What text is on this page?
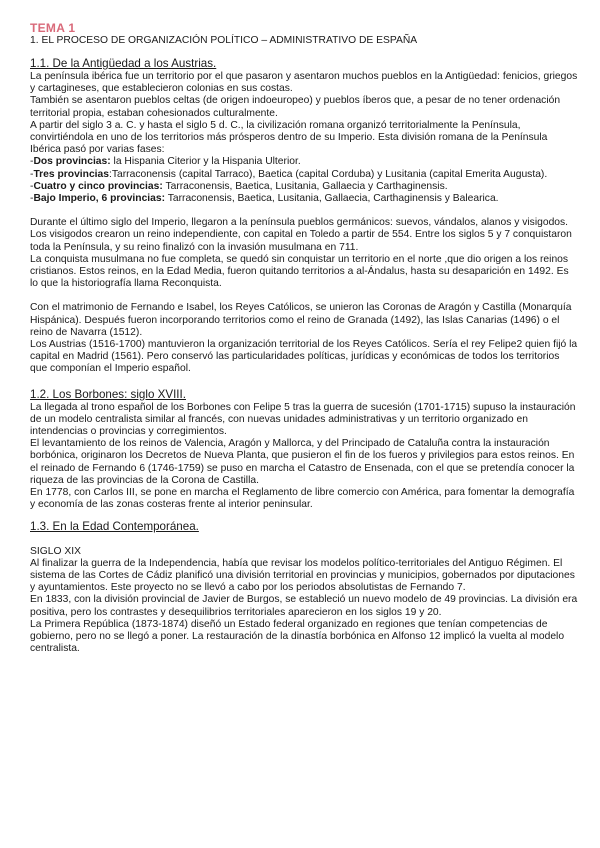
TEMA 1

1. EL PROCESO DE ORGANIZACIÓN POLÍTICO – ADMINISTRATIVO DE ESPAÑA

1.1. De la Antigüedad a los Austrias.

La península ibérica fue un territorio por el que pasaron y asentaron muchos pueblos en la Antigüedad: fenicios, griegos y cartagineses, que establecieron colonias en sus costas.

También se asentaron pueblos celtas (de origen indoeuropeo) y pueblos íberos que, a pesar de no tener ordenación territorial propia, estaban cohesionados culturalmente.

A partir del siglo 3 a. C. y hasta el siglo 5 d. C., la civilización romana organizó territorialmente la Península, convirtiéndola en uno de los territorios más prósperos dentro de su Imperio. Esta división romana de la Península Ibérica pasó por varias fases:

-Dos provincias: la Hispania Citerior y la Hispania Ulterior.

-Tres provincias:Tarraconensis (capital Tarraco), Baetica (capital Corduba) y Lusitania (capital Emerita Augusta).

-Cuatro y cinco provincias: Tarraconensis, Baetica, Lusitania, Gallaecia y Carthaginensis.

-Bajo Imperio, 6 provincias: Tarraconensis, Baetica, Lusitania, Gallaecia, Carthaginensis y Balearica.

Durante el último siglo del Imperio, llegaron a la península pueblos germánicos: suevos, vándalos, alanos y visigodos.

Los visigodos crearon un reino independiente, con capital en Toledo a partir de 554. Entre los siglos 5 y 7 conquistaron toda la Península, y su reino finalizó con la invasión musulmana en 711.

La conquista musulmana no fue completa, se quedó sin conquistar un territorio en el norte ,que dio origen a los reinos cristianos. Estos reinos, en la Edad Media, fueron quitando territorios a al-Ándalus, hasta su desaparición en 1492. Es lo que la historiografía llama Reconquista.

Con el matrimonio de Fernando e Isabel, los Reyes Católicos, se unieron las Coronas de Aragón y Castilla (Monarquía Hispánica). Después fueron incorporando territorios como el reino de Granada (1492), las Islas Canarias (1496) o el reino de Navarra (1512).

Los Austrias (1516-1700) mantuvieron la organización territorial de los Reyes Católicos. Sería el rey Felipe2 quien fijó la capital en Madrid (1561). Pero conservó las particularidades políticas, jurídicas y económicas de todos los territorios que componían el Imperio español.

1.2. Los Borbones: siglo XVIII.

La llegada al trono español de los Borbones con Felipe 5 tras la guerra de sucesión (1701-1715) supuso la instauración de un modelo centralista similar al francés, con nuevas unidades administrativas y un territorio organizado en intendencias o provincias y corregimientos.

El levantamiento de los reinos de Valencia, Aragón y Mallorca, y del Principado de Cataluña contra la instauración borbónica, originaron los Decretos de Nueva Planta, que pusieron el fin de los fueros y privilegios para estos reinos. En el reinado de Fernando 6 (1746-1759) se puso en marcha el Catastro de Ensenada, con el que se pretendía conocer la riqueza de las provincias de la Corona de Castilla.

En 1778, con Carlos III, se pone en marcha el Reglamento de libre comercio con América, para fomentar la demografía y economía de las zonas costeras frente al interior peninsular.

1.3. En la Edad Contemporánea.

SIGLO XIX

Al finalizar la guerra de la Independencia, había que revisar los modelos político-territoriales del Antiguo Régimen. El sistema de las Cortes de Cádiz planificó una división territorial en provincias y municipios, gobernados por diputaciones y ayuntamientos. Este proyecto no se llevó a cabo por los periodos absolutistas de Fernando 7.

En 1833, con la división provincial de Javier de Burgos, se estableció un nuevo modelo de 49 provincias. La división era positiva, pero los contrastes y desequilibrios territoriales aparecieron en los siglos 19 y 20.

La Primera República (1873-1874) diseñó un Estado federal organizado en regiones que tenían competencias de gobierno, pero no se llegó a poner. La restauración de la dinastía borbónica en Alfonso 12 implicó la vuelta al modelo centralista.
